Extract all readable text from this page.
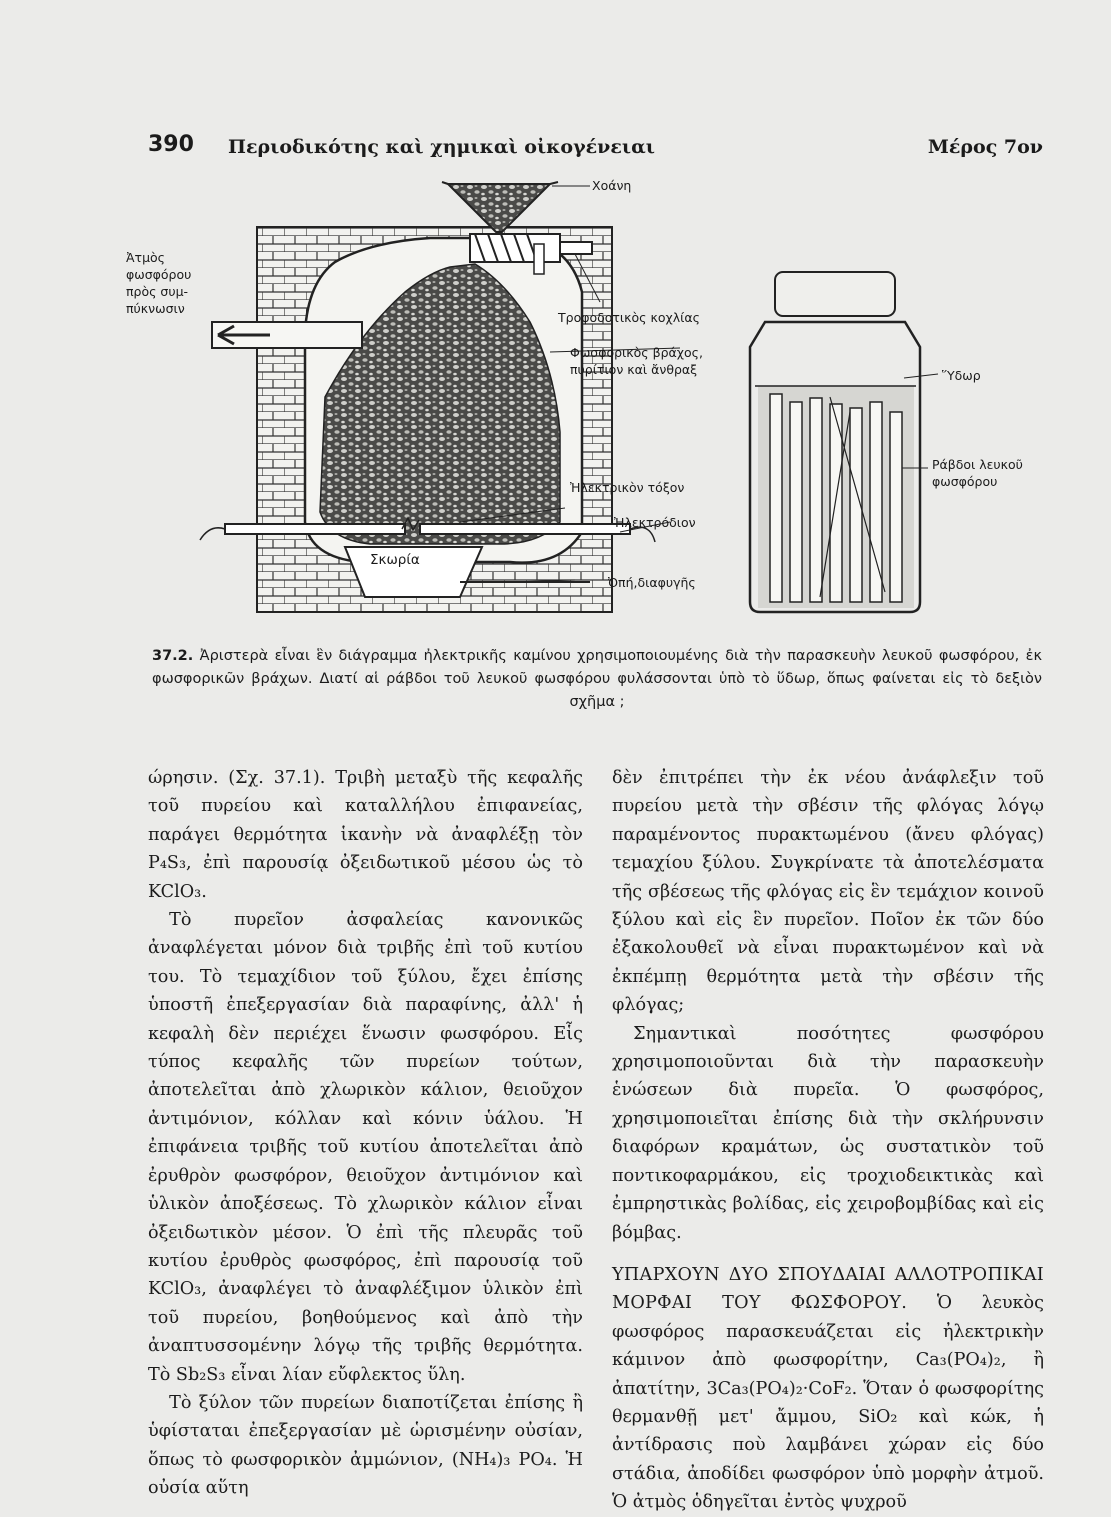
390 Περιοδικότης καὶ χημικαὶ οἰκογένειαι	Μέρος 7ον
Ἀτμὸς
φωσφόρου
πρὸς συμ-
πύκνωσιν
Χοάνη
Τροφοδοτικὸς κοχλίας
Φωσφορικὸς βράχος,
πυρίτιον καὶ ἄνθραξ
Ἠλεκτρικὸν τόξον
Ἠλεκτρόδιον
Σκωρία
Ὀπή,διαφυγῆς
Ὕδωρ
Ράβδοι λευκοῦ
φωσφόρου
37.2. Ἀριστερὰ εἶναι ἓν διάγραμμα ἠλεκτρικῆς καμίνου χρησιμοποιουμένης διὰ τὴν παρασκευὴν λευκοῦ φωσφόρου, ἐκ φωσφορικῶν βράχων. Διατί αἱ ράβδοι τοῦ λευκοῦ φωσφόρου φυλάσσονται ὑπὸ τὸ ὕδωρ, ὅπως φαίνεται εἰς τὸ δεξιὸν σχῆμα ;

ώρησιν. (Σχ. 37.1). Τριβὴ μεταξὺ τῆς κεφαλῆς τοῦ πυρείου καὶ καταλλήλου ἐπιφανείας, παράγει θερμότητα ἱκανὴν νὰ ἀναφλέξῃ τὸν P₄S₃, ἐπὶ παρουσίᾳ ὀξειδωτικοῦ μέσου ὡς τὸ KClO₃.

Τὸ πυρεῖον ἀσφαλείας κανονικῶς ἀναφλέγεται μόνον διὰ τριβῆς ἐπὶ τοῦ κυτίου του. Τὸ τεμαχίδιον τοῦ ξύλου, ἔχει ἐπίσης ὑποστῆ ἐπεξεργασίαν διὰ παραφίνης, ἀλλ' ἡ κεφαλὴ δὲν περιέχει ἕνωσιν φωσφόρου. Εἷς τύπος κεφαλῆς τῶν πυρείων τούτων, ἀποτελεῖται ἀπὸ χλωρικὸν κάλιον, θειοῦχον ἀντιμόνιον, κόλλαν καὶ κόνιν ὑάλου. Ἡ ἐπιφάνεια τριβῆς τοῦ κυτίου ἀποτελεῖται ἀπὸ ἐρυθρὸν φωσφόρον, θειοῦχον ἀντιμόνιον καὶ ὑλικὸν ἀποξέσεως. Τὸ χλωρικὸν κάλιον εἶναι ὀξειδωτικὸν μέσον. Ὁ ἐπὶ τῆς πλευρᾶς τοῦ κυτίου ἐρυθρὸς φωσφόρος, ἐπὶ παρουσίᾳ τοῦ KClO₃, ἀναφλέγει τὸ ἀναφλέξιμον ὑλικὸν ἐπὶ τοῦ πυρείου, βοηθούμενος καὶ ἀπὸ τὴν ἀναπτυσσομένην λόγῳ τῆς τριβῆς θερμότητα. Τὸ Sb₂S₃ εἶναι λίαν εὔφλεκτος ὕλη.

Τὸ ξύλον τῶν πυρείων διαποτίζεται ἐπίσης ἢ ὑφίσταται ἐπεξεργασίαν μὲ ὡρισμένην οὐσίαν, ὅπως τὸ φωσφορικὸν ἀμμώνιον, (NH₄)₃ PO₄. Ἡ οὐσία αὕτη

δὲν ἐπιτρέπει τὴν ἐκ νέου ἀνάφλεξιν τοῦ πυρείου μετὰ τὴν σβέσιν τῆς φλόγας λόγῳ παραμένοντος πυρακτωμένου (ἄνευ φλόγας) τεμαχίου ξύλου. Συγκρίνατε τὰ ἀποτελέσματα τῆς σβέσεως τῆς φλόγας εἰς ἓν τεμάχιον κοινοῦ ξύλου καὶ εἰς ἓν πυρεῖον. Ποῖον ἐκ τῶν δύο ἐξακολουθεῖ νὰ εἶναι πυρακτωμένον καὶ νὰ ἐκπέμπῃ θερμότητα μετὰ τὴν σβέσιν τῆς φλόγας;

Σημαντικαὶ ποσότητες φωσφόρου χρησιμοποιοῦνται διὰ τὴν παρασκευὴν ἑνώσεων διὰ πυρεῖα. Ὁ φωσφόρος, χρησιμοποιεῖται ἐπίσης διὰ τὴν σκλήρυνσιν διαφόρων κραμάτων, ὡς συστατικὸν τοῦ ποντικοφαρμάκου, εἰς τροχιοδεικτικὰς καὶ ἐμπρηστικὰς βολίδας, εἰς χειροβομβίδας καὶ εἰς βόμβας.

ΥΠΑΡΧΟΥΝ ΔΥΟ ΣΠΟΥΔΑΙΑΙ ΑΛΛΟΤΡΟΠΙΚΑΙ ΜΟΡΦΑΙ ΤΟΥ ΦΩΣΦΟΡΟΥ. Ὁ λευκὸς φωσφόρος παρασκευάζεται εἰς ἠλεκτρικὴν κάμινον ἀπὸ φωσφορίτην, Ca₃(PO₄)₂, ἢ ἀπατίτην, 3Ca₃(PO₄)₂·CoF₂. Ὅταν ὁ φωσφορίτης θερμανθῇ μετ' ἄμμου, SiO₂ καὶ κώκ, ἡ ἀντίδρασις ποὺ λαμβάνει χώραν εἰς δύο στάδια, ἀποδίδει φωσφόρον ὑπὸ μορφὴν ἀτμοῦ. Ὁ ἀτμὸς ὁδηγεῖται ἐντὸς ψυχροῦ
